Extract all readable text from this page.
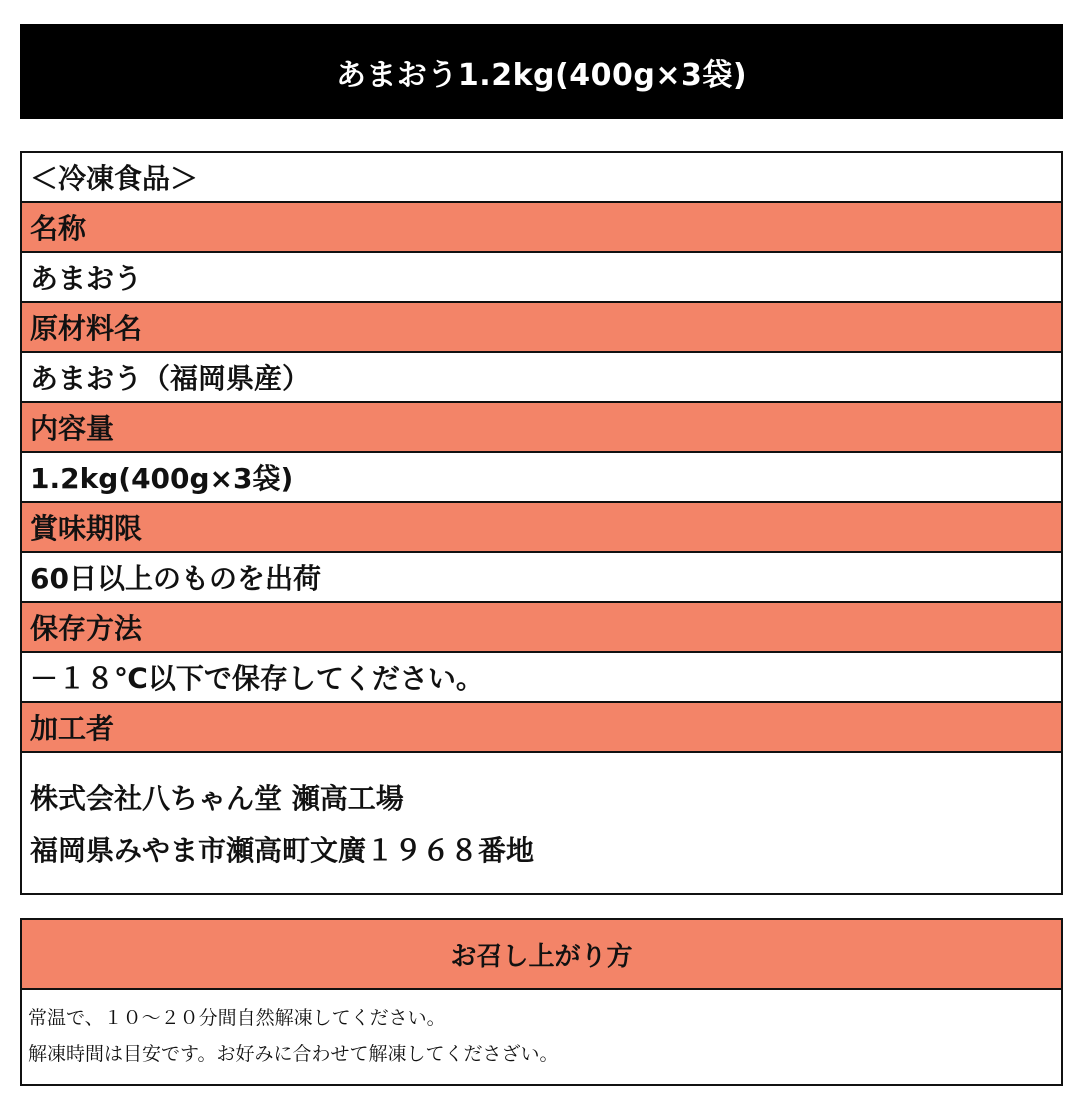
あまおう1.2kg(400g×3袋)
＜冷凍食品＞
名称
あまおう
原材料名
あまおう（福岡県産）
内容量
1.2kg(400g×3袋)
賞味期限
60日以上のものを出荷
保存方法
－１８℃以下で保存してください。
加工者
株式会社八ちゃん堂 瀬高工場
福岡県みやま市瀬高町文廣１９６８番地
お召し上がり方
常温で、１０～２０分間自然解凍してください。
解凍時間は目安です。お好みに合わせて解凍してくださざい。
